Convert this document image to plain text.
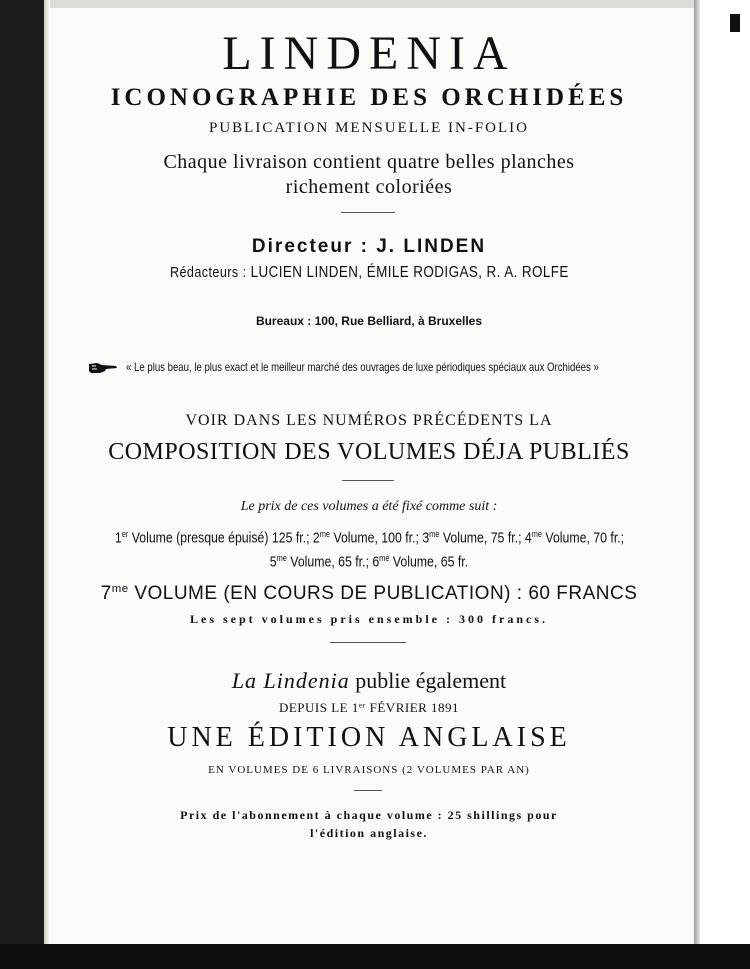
LINDENIA
ICONOGRAPHIE DES ORCHIDÉES
PUBLICATION MENSUELLE IN-FOLIO
Chaque livraison contient quatre belles planches
richement coloriées
Directeur : J. LINDEN
Rédacteurs : LUCIEN LINDEN, ÉMILE RODIGAS, R. A. ROLFE
Bureaux : 100, Rue Belliard, à Bruxelles
« Le plus beau, le plus exact et le meilleur marché des ouvrages de luxe périodiques spéciaux aux Orchidées »
VOIR DANS LES NUMÉROS PRÉCÉDENTS LA
COMPOSITION DES VOLUMES DÉJA PUBLIÉS
Le prix de ces volumes a été fixé comme suit :
1er Volume (presque épuisé) 125 fr.; $2^{me}$ Volume, 100 fr.; $3^{me}$ Volume, 75 fr.; $4^{me}$ Volume, 70 fr.;
$5^{me}$ Volume, 65 fr.; $6^{me}$ Volume, 65 fr.
$7^{me}$ VOLUME (EN COURS DE PUBLICATION) : 60 FRANCS
Les sept volumes pris ensemble : 300 francs.
La Lindenia publie également
DEPUIS LE 1er FÉVRIER 1891
UNE ÉDITION ANGLAISE
EN VOLUMES DE 6 LIVRAISONS (2 VOLUMES PAR AN)
Prix de l'abonnement à chaque volume : 25 shillings pour
l'édition anglaise.
